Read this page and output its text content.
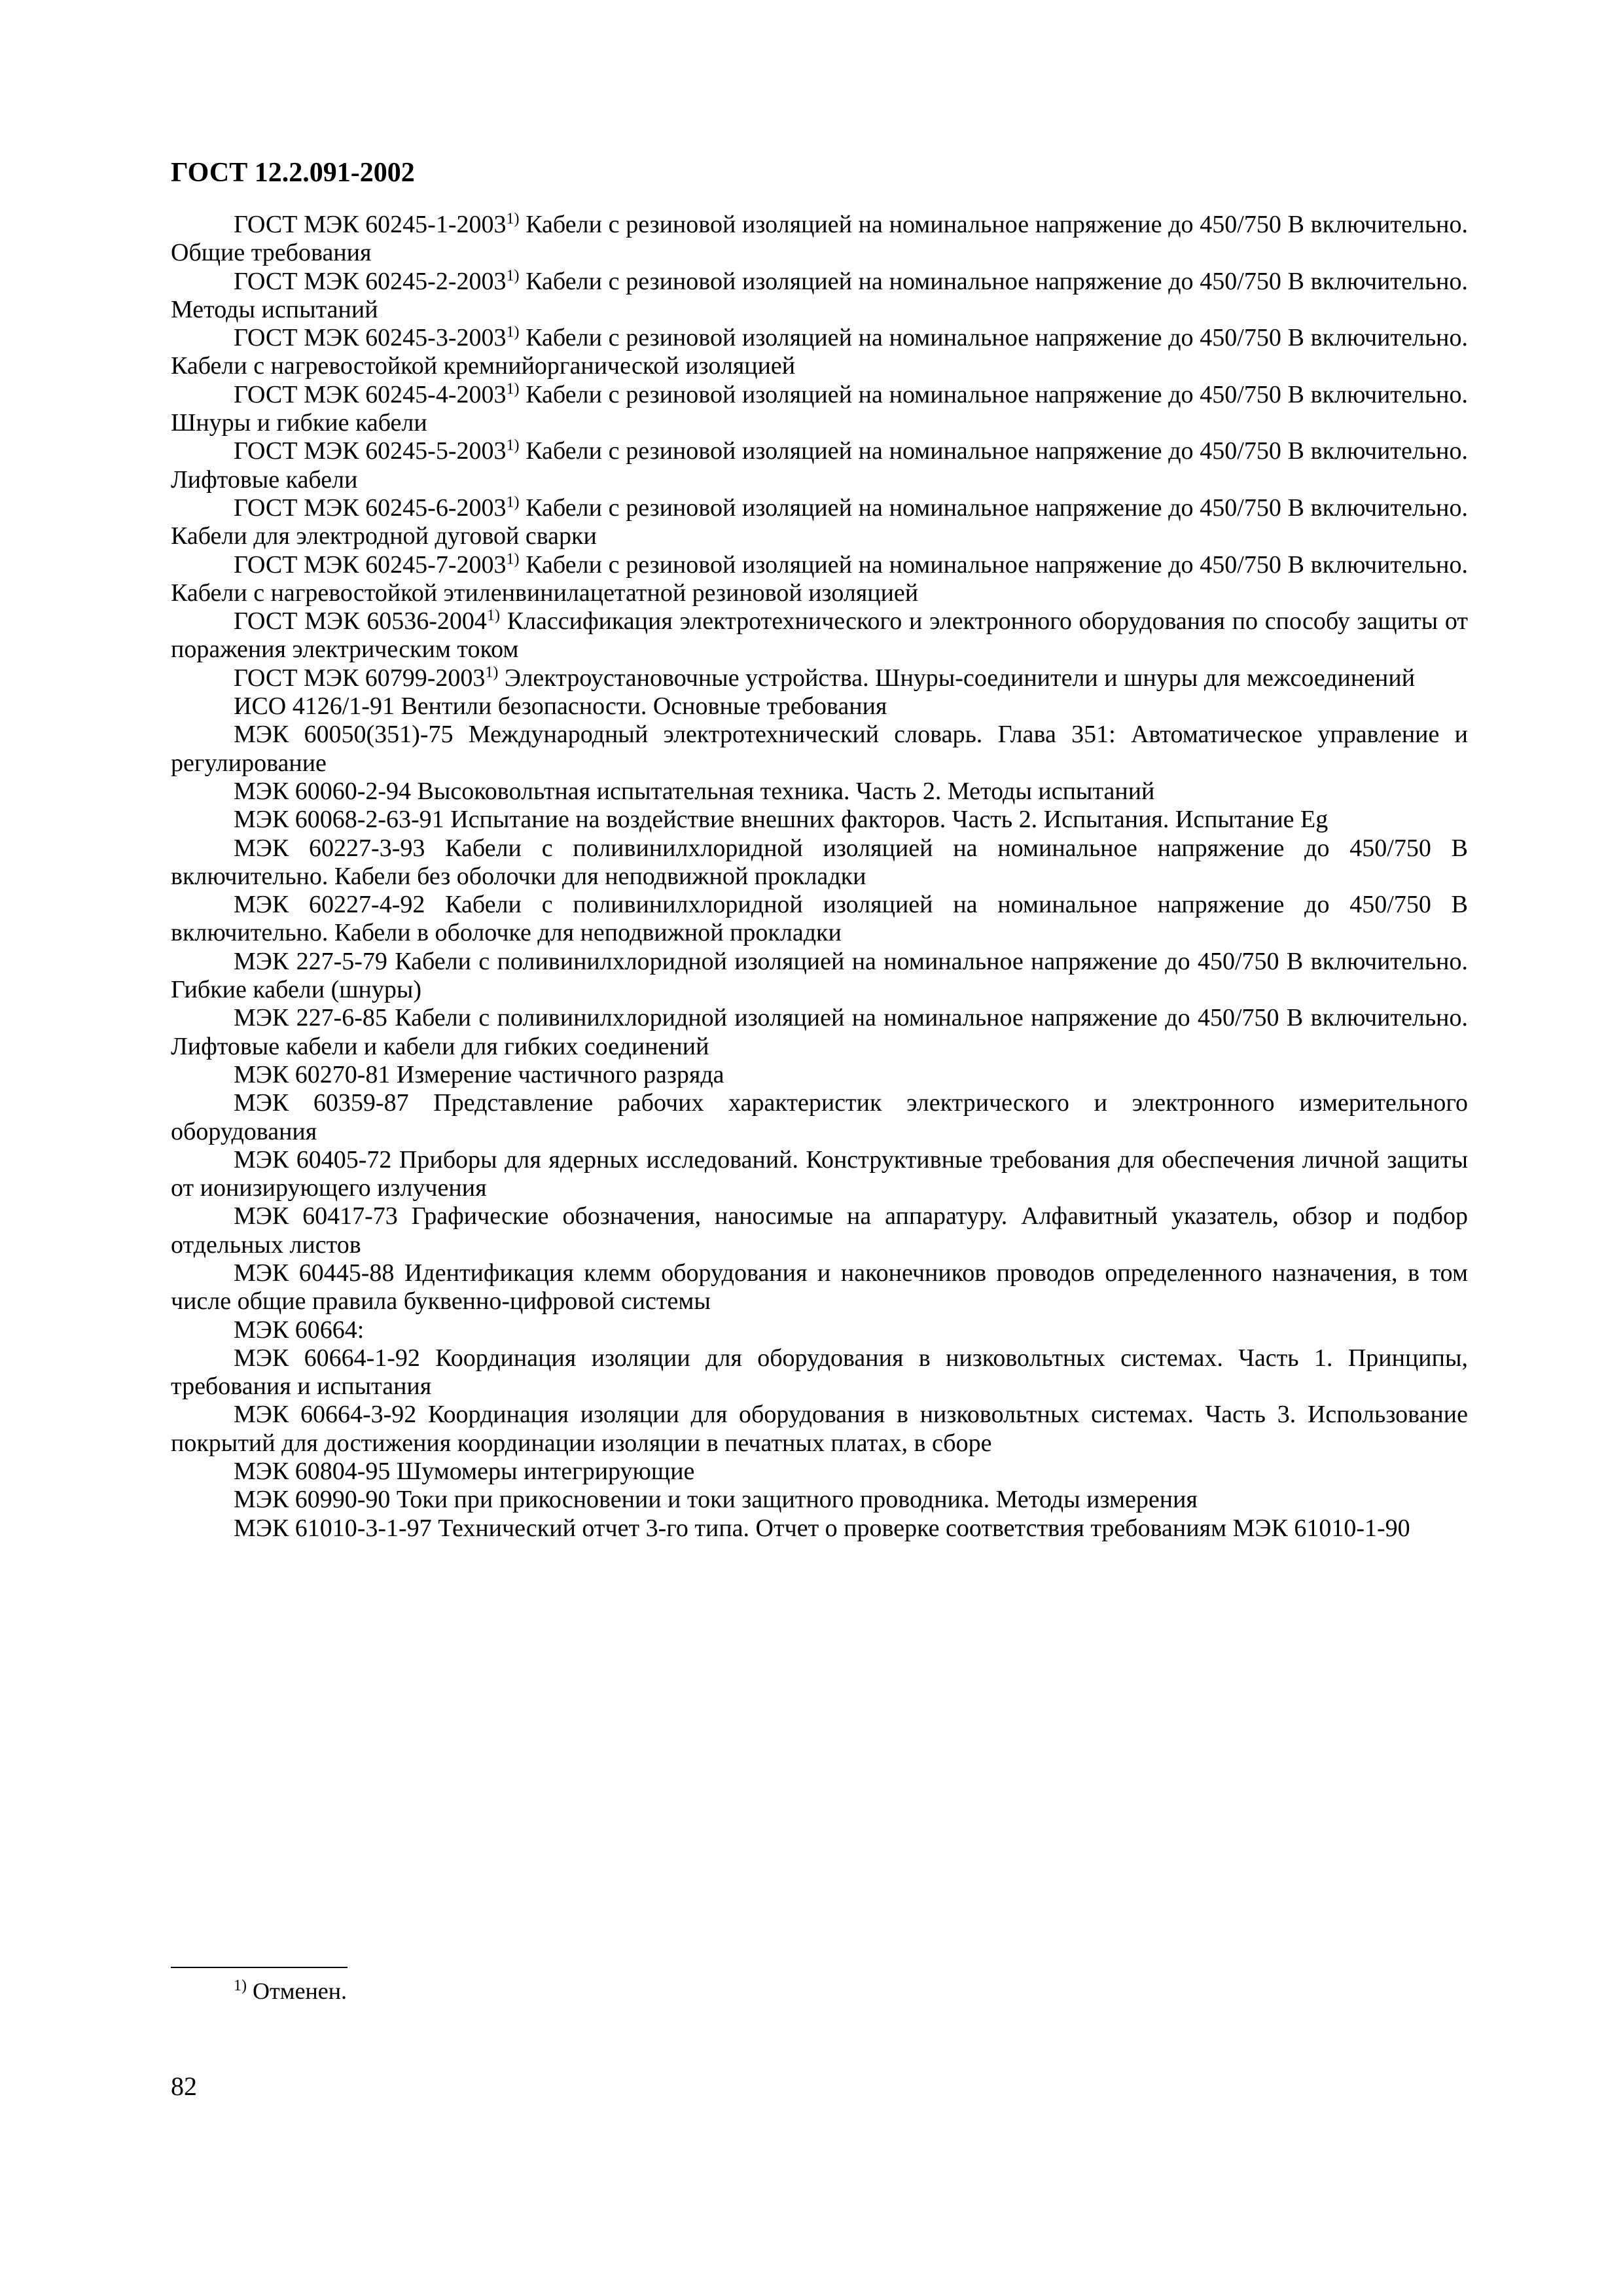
ГОСТ 12.2.091-2002

ГОСТ МЭК 60245-1-2003$^{1)}$ Кабели с резиновой изоляцией на номинальное напряжение до 450/750 В включительно. Общие требования

ГОСТ МЭК 60245-2-2003$^{1)}$ Кабели с резиновой изоляцией на номинальное напряжение до 450/750 В включительно. Методы испытаний

ГОСТ МЭК 60245-3-2003$^{1)}$ Кабели с резиновой изоляцией на номинальное напряжение до 450/750 В включительно. Кабели с нагревостойкой кремнийорганической изоляцией

ГОСТ МЭК 60245-4-2003$^{1)}$ Кабели с резиновой изоляцией на номинальное напряжение до 450/750 В включительно. Шнуры и гибкие кабели

ГОСТ МЭК 60245-5-2003$^{1)}$ Кабели с резиновой изоляцией на номинальное напряжение до 450/750 В включительно. Лифтовые кабели

ГОСТ МЭК 60245-6-2003$^{1)}$ Кабели с резиновой изоляцией на номинальное напряжение до 450/750 В включительно. Кабели для электродной дуговой сварки

ГОСТ МЭК 60245-7-2003$^{1)}$ Кабели с резиновой изоляцией на номинальное напряжение до 450/750 В включительно. Кабели с нагревостойкой этиленвинилацетатной резиновой изоляцией

ГОСТ МЭК 60536-2004$^{1)}$ Классификация электротехнического и электронного оборудования по способу защиты от поражения электрическим током

ГОСТ МЭК 60799-2003$^{1)}$ Электроустановочные устройства. Шнуры-соединители и шнуры для межсоединений

ИСО 4126/1-91 Вентили безопасности. Основные требования

МЭК 60050(351)-75 Международный электротехнический словарь. Глава 351: Автоматическое управление и регулирование

МЭК 60060-2-94 Высоковольтная испытательная техника. Часть 2. Методы испытаний

МЭК 60068-2-63-91 Испытание на воздействие внешних факторов. Часть 2. Испытания. Испытание Eg

МЭК 60227-3-93 Кабели с поливинилхлоридной изоляцией на номинальное напряжение до 450/750 В включительно. Кабели без оболочки для неподвижной прокладки

МЭК 60227-4-92 Кабели с поливинилхлоридной изоляцией на номинальное напряжение до 450/750 В включительно. Кабели в оболочке для неподвижной прокладки

МЭК 227-5-79 Кабели с поливинилхлоридной изоляцией на номинальное напряжение до 450/750 В включительно. Гибкие кабели (шнуры)

МЭК 227-6-85 Кабели с поливинилхлоридной изоляцией на номинальное напряжение до 450/750 В включительно. Лифтовые кабели и кабели для гибких соединений

МЭК 60270-81 Измерение частичного разряда

МЭК 60359-87 Представление рабочих характеристик электрического и электронного измерительного оборудования

МЭК 60405-72 Приборы для ядерных исследований. Конструктивные требования для обеспечения личной защиты от ионизирующего излучения

МЭК 60417-73 Графические обозначения, наносимые на аппаратуру. Алфавитный указатель, обзор и подбор отдельных листов

МЭК 60445-88 Идентификация клемм оборудования и наконечников проводов определенного назначения, в том числе общие правила буквенно-цифровой системы

МЭК 60664:

МЭК 60664-1-92 Координация изоляции для оборудования в низковольтных системах. Часть 1. Принципы, требования и испытания

МЭК 60664-3-92 Координация изоляции для оборудования в низковольтных системах. Часть 3. Использование покрытий для достижения координации изоляции в печатных платах, в сборе

МЭК 60804-95 Шумомеры интегрирующие

МЭК 60990-90 Токи при прикосновении и токи защитного проводника. Методы измерения

МЭК 61010-3-1-97 Технический отчет 3-го типа. Отчет о проверке соответствия требованиям МЭК 61010-1-90

$^{1)}$ Отменен.
82
